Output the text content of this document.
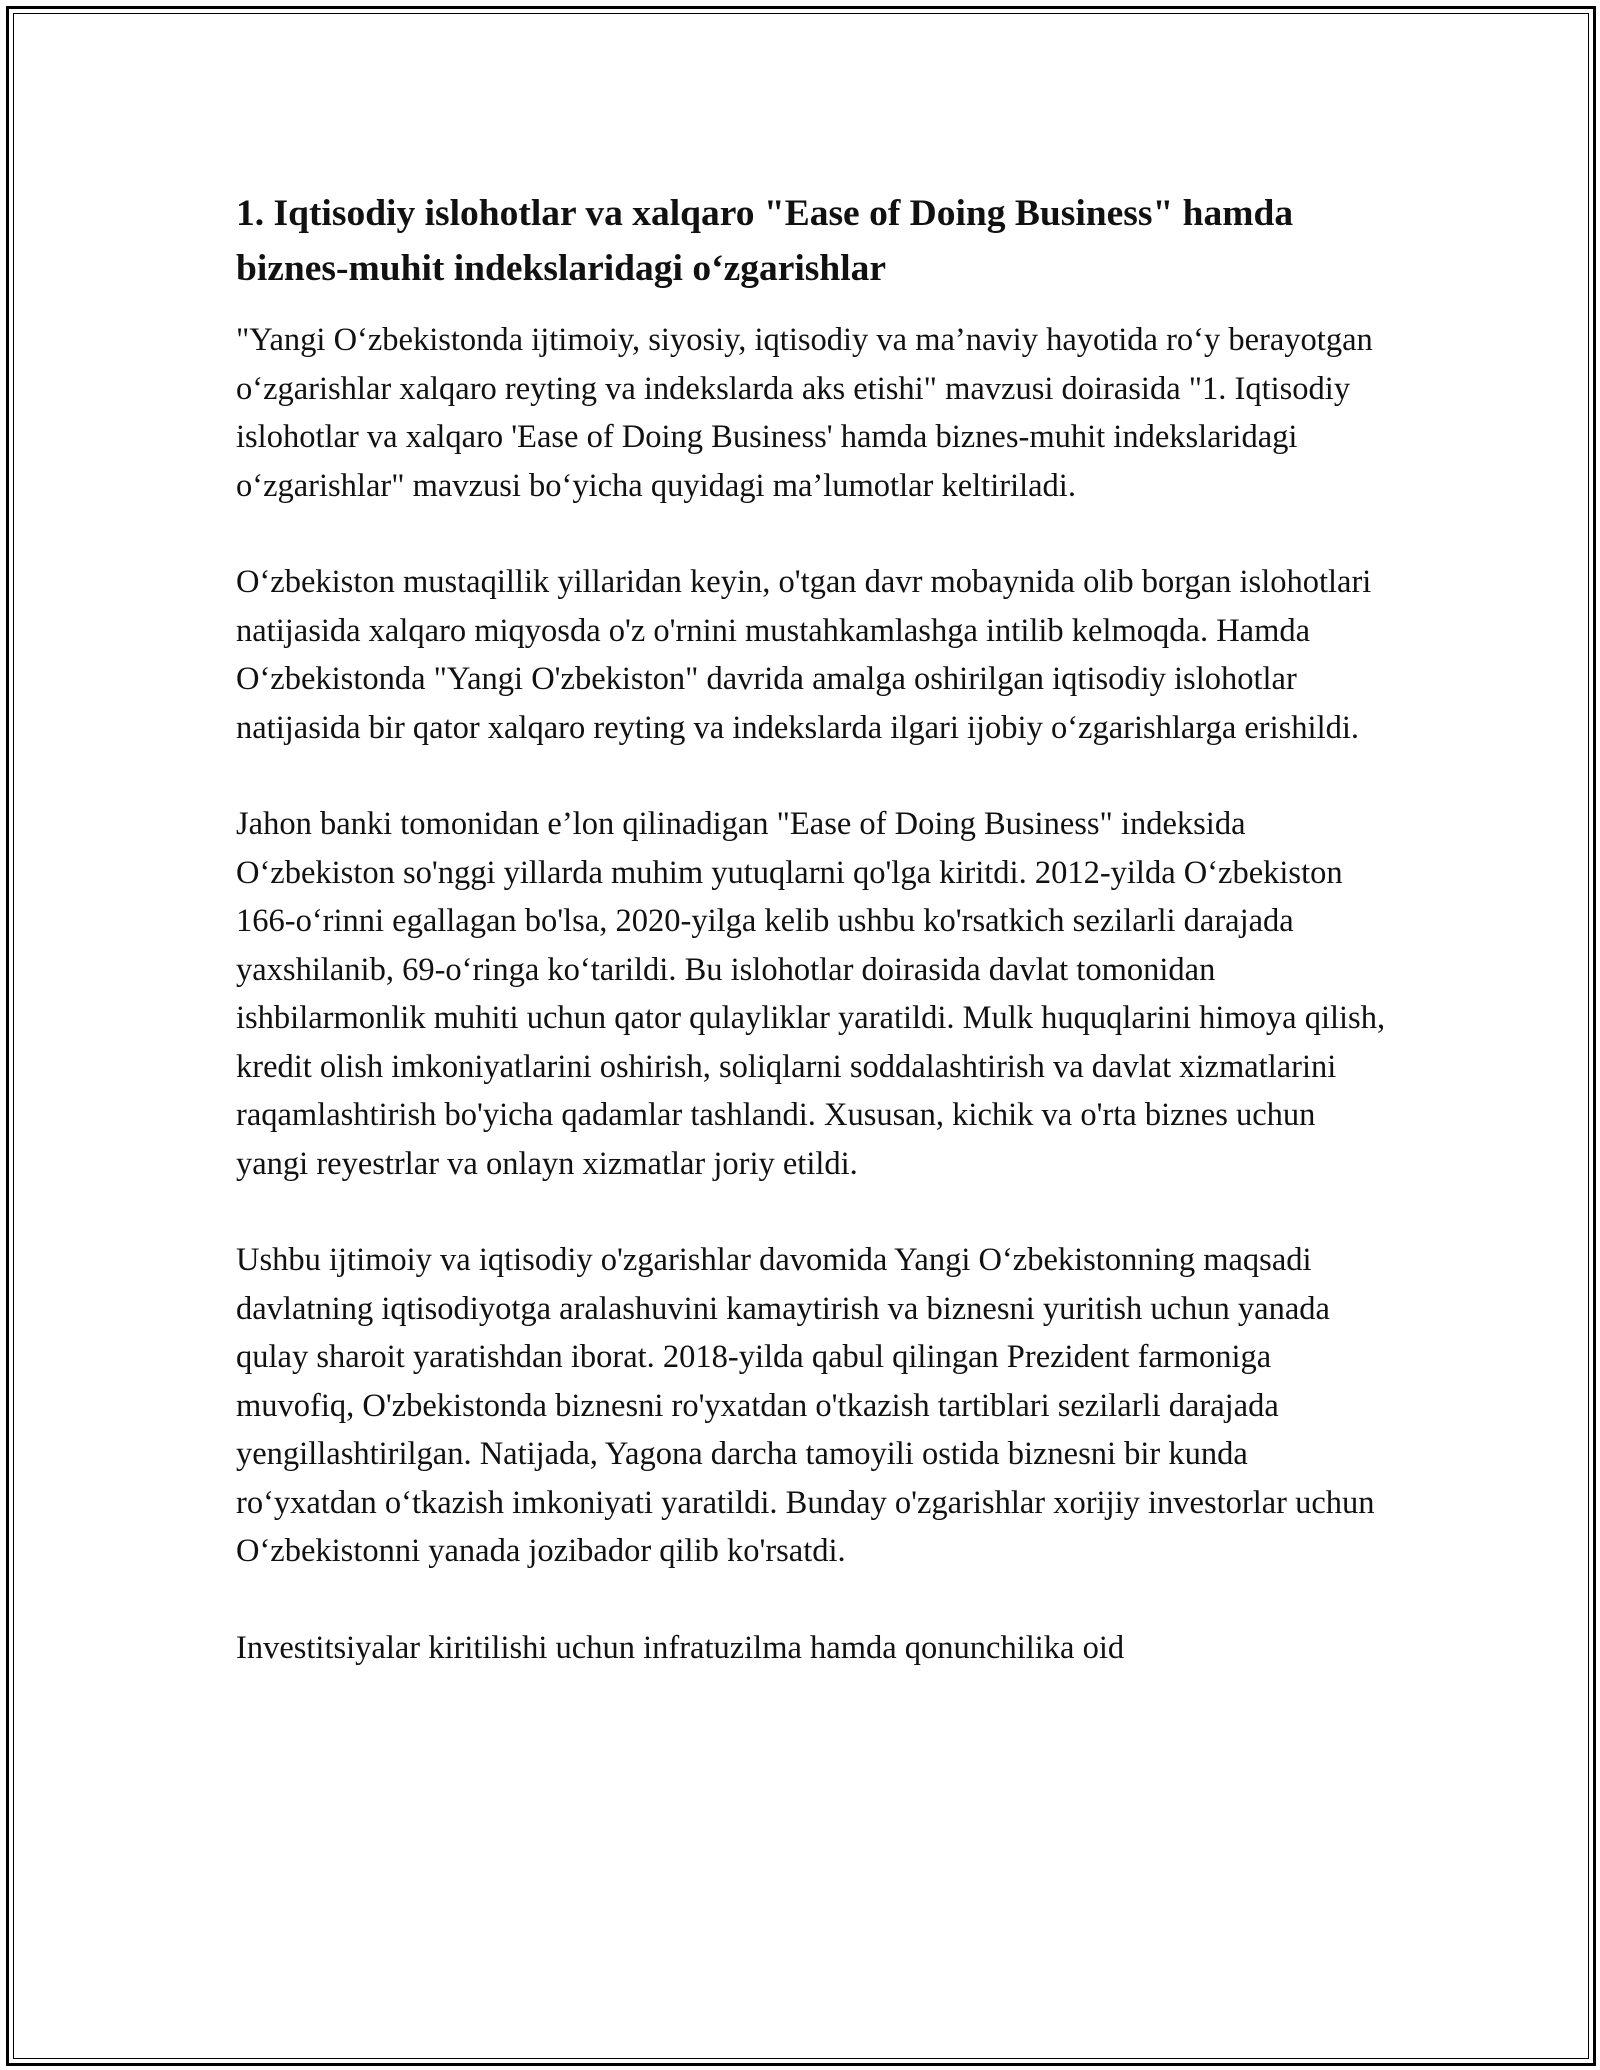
1. Iqtisodiy islohotlar va xalqaro "Ease of Doing Business" hamda biznes-muhit indekslaridagi o‘zgarishlar

"Yangi O‘zbekistonda ijtimoiy, siyosiy, iqtisodiy va ma’naviy hayotida ro‘y berayotgan o‘zgarishlar xalqaro reyting va indekslarda aks etishi" mavzusi doirasida "1. Iqtisodiy islohotlar va xalqaro 'Ease of Doing Business' hamda biznes-muhit indekslaridagi o‘zgarishlar" mavzusi bo‘yicha quyidagi ma’lumotlar keltiriladi.

O‘zbekiston mustaqillik yillaridan keyin, o'tgan davr mobaynida olib borgan islohotlari natijasida xalqaro miqyosda o'z o'rnini mustahkamlashga intilib kelmoqda. Hamda O‘zbekistonda "Yangi O'zbekiston" davrida amalga oshirilgan iqtisodiy islohotlar natijasida bir qator xalqaro reyting va indekslarda ilgari ijobiy o‘zgarishlarga erishildi.

Jahon banki tomonidan e’lon qilinadigan "Ease of Doing Business" indeksida O‘zbekiston so'nggi yillarda muhim yutuqlarni qo'lga kiritdi. 2012-yilda O‘zbekiston 166-o‘rinni egallagan bo'lsa, 2020-yilga kelib ushbu ko'rsatkich sezilarli darajada yaxshilanib, 69-o‘ringa ko‘tarildi. Bu islohotlar doirasida davlat tomonidan ishbilarmonlik muhiti uchun qator qulayliklar yaratildi. Mulk huquqlarini himoya qilish, kredit olish imkoniyatlarini oshirish, soliqlarni soddalashtirish va davlat xizmatlarini raqamlashtirish bo'yicha qadamlar tashlandi. Xususan, kichik va o'rta biznes uchun yangi reyestrlar va onlayn xizmatlar joriy etildi.

Ushbu ijtimoiy va iqtisodiy o'zgarishlar davomida Yangi O‘zbekistonning maqsadi davlatning iqtisodiyotga aralashuvini kamaytirish va biznesni yuritish uchun yanada qulay sharoit yaratishdan iborat. 2018-yilda qabul qilingan Prezident farmoniga muvofiq, O'zbekistonda biznesni ro'yxatdan o'tkazish tartiblari sezilarli darajada yengillashtirilgan. Natijada, Yagona darcha tamoyili ostida biznesni bir kunda ro‘yxatdan o‘tkazish imkoniyati yaratildi. Bunday o'zgarishlar xorijiy investorlar uchun O‘zbekistonni yanada jozibador qilib ko'rsatdi.

Investitsiyalar kiritilishi uchun infratuzilma hamda qonunchilika oid
